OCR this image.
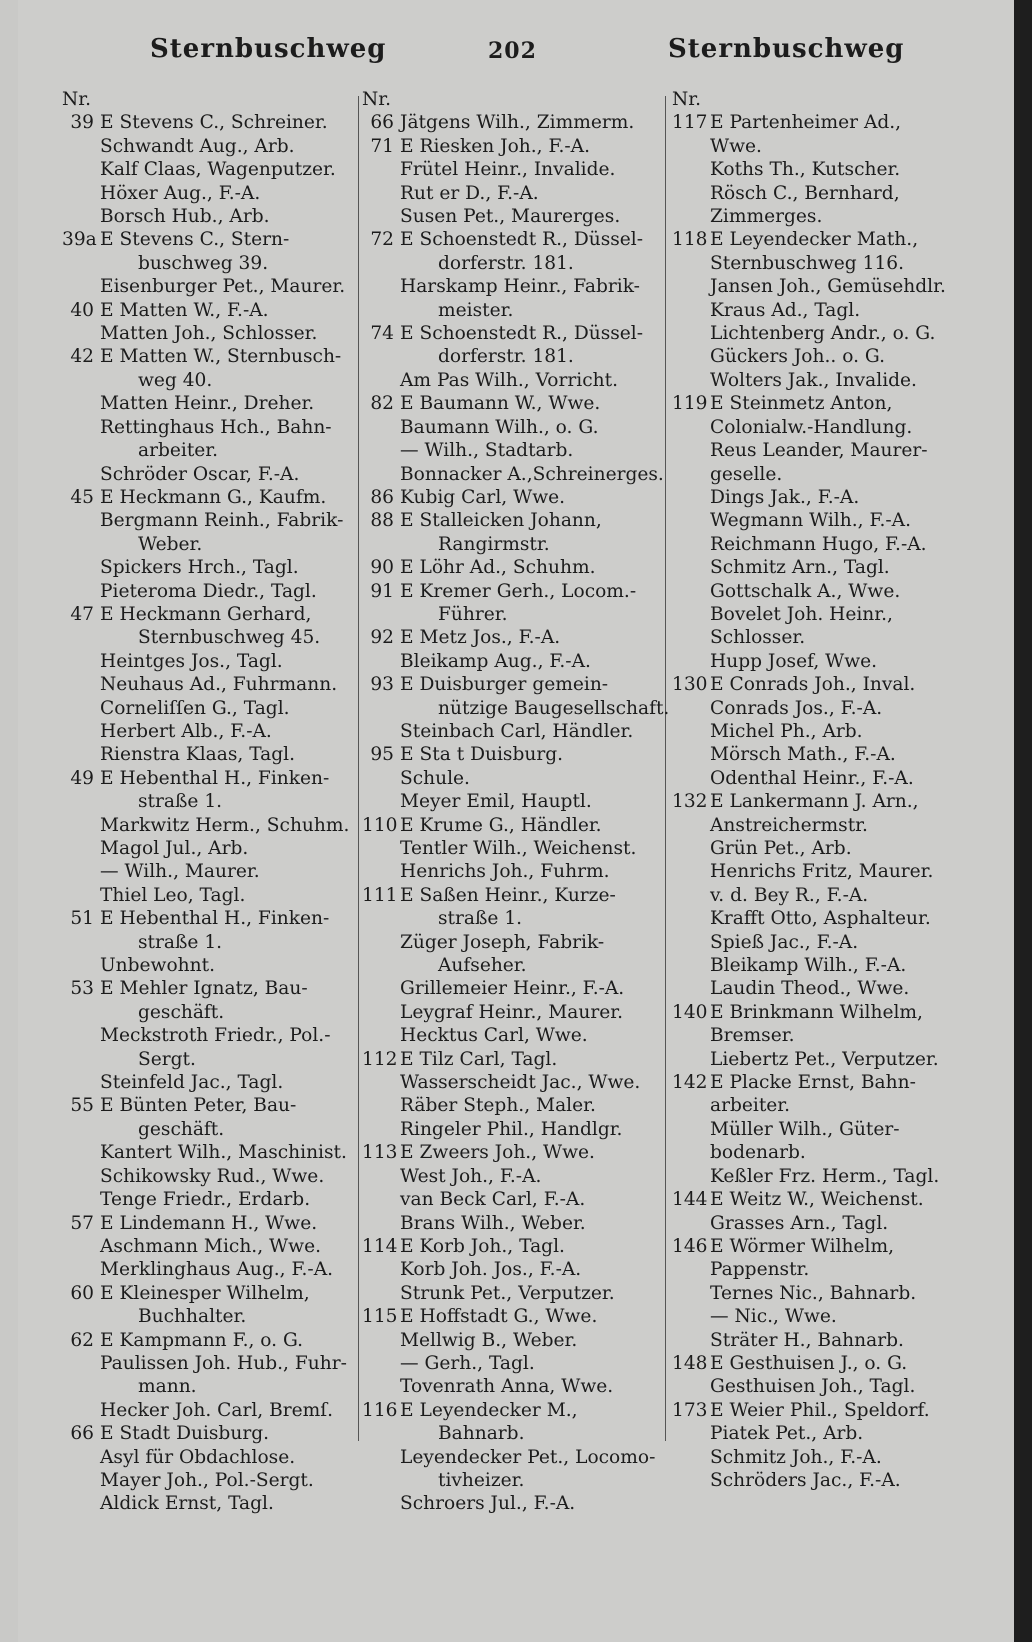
Sternbuschweg	202	Sternbuschweg
Nr.
39 E Stevens C., Schreiner.
Schwandt Aug., Arb.
Kalf Claas, Wagenputzer.
Höxer Aug., F.-A.
Borsch Hub., Arb.
39a E Stevens C., Stern-
buschweg 39.
Eisenburger Pet., Maurer.
40 E Matten W., F.-A.
Matten Joh., Schlosser.
42 E Matten W., Sternbusch-
weg 40.
Matten Heinr., Dreher.
Rettinghaus Hch., Bahn-
arbeiter.
Schröder Oscar, F.-A.
45 E Heckmann G., Kaufm.
Bergmann Reinh., Fabrik-
Weber.
Spickers Hrch., Tagl.
Pieteroma Diedr., Tagl.
47 E Heckmann Gerhard,
Sternbuschweg 45.
Heintges Jos., Tagl.
Neuhaus Ad., Fuhrmann.
Corneliſſen G., Tagl.
Herbert Alb., F.-A.
Rienstra Klaas, Tagl.
49 E Hebenthal H., Finken-
straße 1.
Markwitz Herm., Schuhm.
Magol Jul., Arb.
— Wilh., Maurer.
Thiel Leo, Tagl.
51 E Hebenthal H., Finken-
straße 1.
Unbewohnt.
53 E Mehler Ignatz, Bau-
geschäft.
Meckstroth Friedr., Pol.-
Sergt.
Steinfeld Jac., Tagl.
55 E Bünten Peter, Bau-
geschäft.
Kantert Wilh., Maschinist.
Schikowsky Rud., Wwe.
Tenge Friedr., Erdarb.
57 E Lindemann H., Wwe.
Aschmann Mich., Wwe.
Merklinghaus Aug., F.-A.
60 E Kleinesper Wilhelm,
Buchhalter.
62 E Kampmann F., o. G.
Paulissen Joh. Hub., Fuhr-
mann.
Hecker Joh. Carl, Bremſ.
66 E Stadt Duisburg.
Asyl für Obdachlose.
Mayer Joh., Pol.-Sergt.
Aldick Ernst, Tagl.
Nr.
66 Jätgens Wilh., Zimmerm.
71 E Riesken Joh., F.-A.
Frütel Heinr., Invalide.
Rut er D., F.-A.
Susen Pet., Maurerges.
72 E Schoenstedt R., Düssel-
dorferstr. 181.
Harskamp Heinr., Fabrik-
meister.
74 E Schoenstedt R., Düssel-
dorferstr. 181.
Am Pas Wilh., Vorricht.
82 E Baumann W., Wwe.
Baumann Wilh., o. G.
— Wilh., Stadtarb.
Bonnacker A.,Schreinerges.
86 Kubig Carl, Wwe.
88 E Stalleicken Johann,
Rangirmstr.
90 E Löhr Ad., Schuhm.
91 E Kremer Gerh., Locom.-
Führer.
92 E Metz Jos., F.-A.
Bleikamp Aug., F.-A.
93 E Duisburger gemein-
nützige Baugesellschaft.
Steinbach Carl, Händler.
95 E Sta t Duisburg.
Schule.
Meyer Emil, Hauptl.
110 E Krume G., Händler.
Tentler Wilh., Weichenst.
Henrichs Joh., Fuhrm.
111 E Saßen Heinr., Kurze-
straße 1.
Züger Joseph, Fabrik-
Aufseher.
Grillemeier Heinr., F.-A.
Leygraf Heinr., Maurer.
Hecktus Carl, Wwe.
112 E Tilz Carl, Tagl.
Wasserscheidt Jac., Wwe.
Räber Steph., Maler.
Ringeler Phil., Handlgr.
113 E Zweers Joh., Wwe.
West Joh., F.-A.
van Beck Carl, F.-A.
Brans Wilh., Weber.
114 E Korb Joh., Tagl.
Korb Joh. Jos., F.-A.
Strunk Pet., Verputzer.
115 E Hoffstadt G., Wwe.
Mellwig B., Weber.
— Gerh., Tagl.
Tovenrath Anna, Wwe.
116 E Leyendecker M.,
Bahnarb.
Leyendecker Pet., Locomo-
tivheizer.
Schroers Jul., F.-A.
Nr.
117 E Partenheimer Ad.,
Wwe.
Koths Th., Kutscher.
Rösch C., Bernhard,
Zimmerges.
118 E Leyendecker Math.,
Sternbuschweg 116.
Jansen Joh., Gemüsehdlr.
Kraus Ad., Tagl.
Lichtenberg Andr., o. G.
Gückers Joh.. o. G.
Wolters Jak., Invalide.
119 E Steinmetz Anton,
Colonialw.-Handlung.
Reus Leander, Maurer-
geselle.
Dings Jak., F.-A.
Wegmann Wilh., F.-A.
Reichmann Hugo, F.-A.
Schmitz Arn., Tagl.
Gottschalk A., Wwe.
Bovelet Joh. Heinr.,
Schlosser.
Hupp Josef, Wwe.
130 E Conrads Joh., Inval.
Conrads Jos., F.-A.
Michel Ph., Arb.
Mörsch Math., F.-A.
Odenthal Heinr., F.-A.
132 E Lankermann J. Arn.,
Anstreichermstr.
Grün Pet., Arb.
Henrichs Fritz, Maurer.
v. d. Bey R., F.-A.
Krafft Otto, Asphalteur.
Spieß Jac., F.-A.
Bleikamp Wilh., F.-A.
Laudin Theod., Wwe.
140 E Brinkmann Wilhelm,
Bremser.
Liebertz Pet., Verputzer.
142 E Placke Ernst, Bahn-
arbeiter.
Müller Wilh., Güter-
bodenarb.
Keßler Frz. Herm., Tagl.
144 E Weitz W., Weichenst.
Grasses Arn., Tagl.
146 E Wörmer Wilhelm,
Pappenstr.
Ternes Nic., Bahnarb.
— Nic., Wwe.
Sträter H., Bahnarb.
148 E Gesthuisen J., o. G.
Gesthuisen Joh., Tagl.
173 E Weier Phil., Speldorf.
Piatek Pet., Arb.
Schmitz Joh., F.-A.
Schröders Jac., F.-A.
